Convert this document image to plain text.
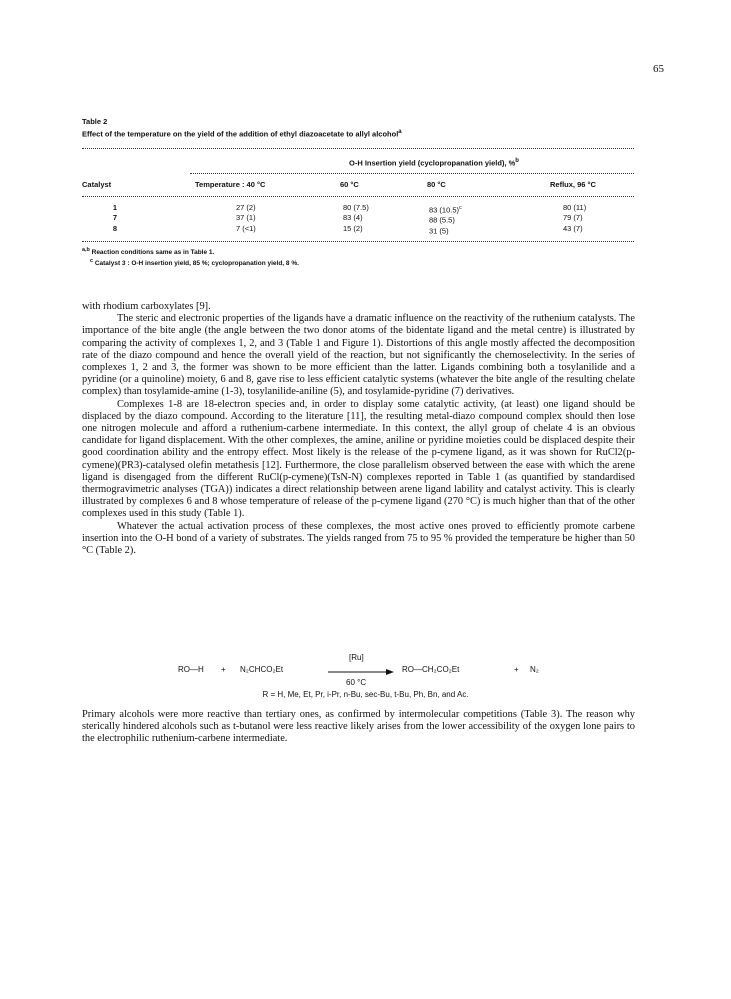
65

Table 2

Effect of the temperature on the yield of the addition of ethyl diazoacetate to allyl alcohol$^a$

O-H Insertion yield (cyclopropanation yield), %$^b$
Catalyst	Temperature : 40 °C	60 °C	80 °C	Reflux, 96 °C
1	27 (2)	80 (7.5)	83 $(10.5)^c$	80 (11)
7	37 (1)	83 (4)	88 (5.5)	79 (7)
8	7 (<1)	15 (2)	31 (5)	43 (7)
$^{a,b}$ Reaction conditions same as in Table 1.
$^c$ Catalyst 3 : O-H insertion yield, 85 %; cyclopropanation yield, 8 %.

with rhodium carboxylates [9].

The steric and electronic properties of the ligands have a dramatic influence on the reactivity of the ruthenium catalysts. The importance of the bite angle (the angle between the two donor atoms of the bidentate ligand and the metal centre) is illustrated by comparing the activity of complexes 1, 2, and 3 (Table 1 and Figure 1). Distortions of this angle mostly affected the decomposition rate of the diazo compound and hence the overall yield of the reaction, but not significantly the chemoselectivity. In the series of complexes 1, 2 and 3, the former was shown to be more efficient than the latter. Ligands combining both a tosylanilide and a pyridine (or a quinoline) moiety, 6 and 8, gave rise to less efficient catalytic systems (whatever the bite angle of the resulting chelate complex) than tosylamide-amine (1-3), tosylanilide-aniline (5), and tosylamide-pyridine (7) derivatives.

Complexes 1-8 are 18-electron species and, in order to display some catalytic activity, (at least) one ligand should be displaced by the diazo compound. According to the literature [11], the resulting metal-diazo compound complex should then lose one nitrogen molecule and afford a ruthenium-carbene intermediate. In this context, the allyl group of chelate 4 is an obvious candidate for ligand displacement. With the other complexes, the amine, aniline or pyridine moieties could be displaced despite their good coordination ability and the entropy effect. Most likely is the release of the p-cymene ligand, as it was shown for RuCl2(p-cymene)(PR3)-catalysed olefin metathesis [12]. Furthermore, the close parallelism observed between the ease with which the arene ligand is disengaged from the different RuCl(p-cymene)(TsN-N) complexes reported in Table 1 (as quantified by standardised thermogravimetric analyses (TGA)) indicates a direct relationship between arene ligand lability and catalyst activity. This is clearly illustrated by complexes 6 and 8 whose temperature of release of the p-cymene ligand (270 °C) is much higher than that of the other complexes used in this study (Table 1).

Whatever the actual activation process of these complexes, the most active ones proved to efficiently promote carbene insertion into the O-H bond of a variety of substrates. The yields ranged from 75 to 95 % provided the temperature be higher than 50 °C (Table 2).

RO—H + N₂CHCO₂Et
[Ru]
60 °C
RO—CH₂CO₂Et	+ N₂
R = H, Me, Et, Pr, i-Pr, n-Bu, sec-Bu, t-Bu, Ph, Bn, and Ac.

Primary alcohols were more reactive than tertiary ones, as confirmed by intermolecular competitions (Table 3). The reason why sterically hindered alcohols such as t-butanol were less reactive likely arises from the lower accessibility of the oxygen lone pairs to the electrophilic ruthenium-carbene intermediate.
